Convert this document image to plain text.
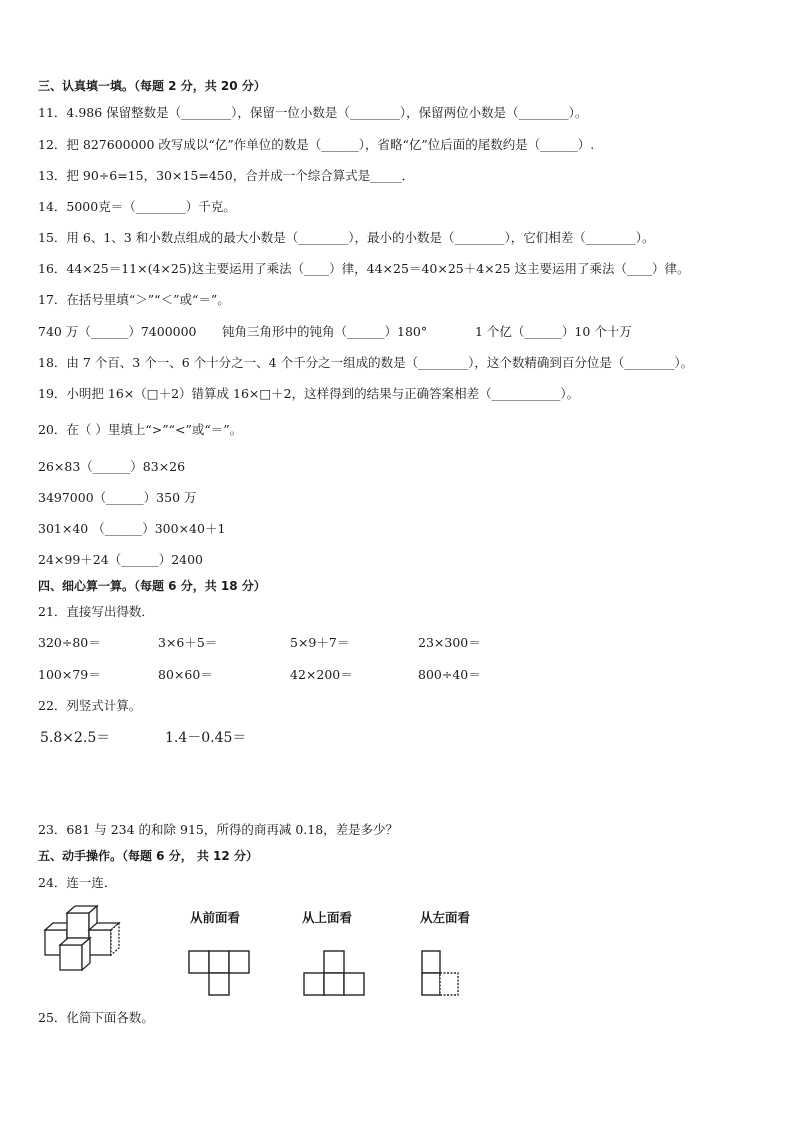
三、认真填一填。（每题 2 分，共 20 分）
11．4.986 保留整数是（________），保留一位小数是（________），保留两位小数是（________）。
12．把 827600000 改写成以“亿”作单位的数是（______），省略“亿”位后面的尾数约是（______）.
13．把 90÷6=15，30×15=450，合并成一个综合算式是_____．
14．5000克＝（________）千克。
15．用 6、1、3 和小数点组成的最大小数是（________），最小的小数是（________），它们相差（________）。
16．44×25＝11×(4×25)这主要运用了乘法（____）律，44×25＝40×25＋4×25 这主要运用了乘法（____）律。
17．在括号里填“＞”“＜”或“＝”。
740 万（______）7400000 钝角三角形中的钝角（______）180°	1 个亿（______）10 个十万
18．由 7 个百、3 个一、6 个十分之一、4 个千分之一组成的数是（________），这个数精确到百分位是（________）。
19．小明把 16×（□＋2）错算成 16×□＋2，这样得到的结果与正确答案相差（___________）。
20．在（ ）里填上“>”“<”或“＝”。
26×83（______）83×26
3497000（______）350 万
301×40 （______）300×40＋1
24×99＋24（______）2400
四、细心算一算。（每题 6 分，共 18 分）
21．直接写出得数．
320÷80＝	3×6＋5＝	5×9＋7＝	23×300＝
100×79＝	80×60＝	42×200＝	800÷40＝
22．列竖式计算。
5.8×2.5＝	1.4－0.45＝
23．681 与 234 的和除 915，所得的商再减 0.18，差是多少？
五、动手操作。（每题 6 分， 共 12 分）
24．连一连．
从前面看	从上面看	从左面看
25．化简下面各数。
